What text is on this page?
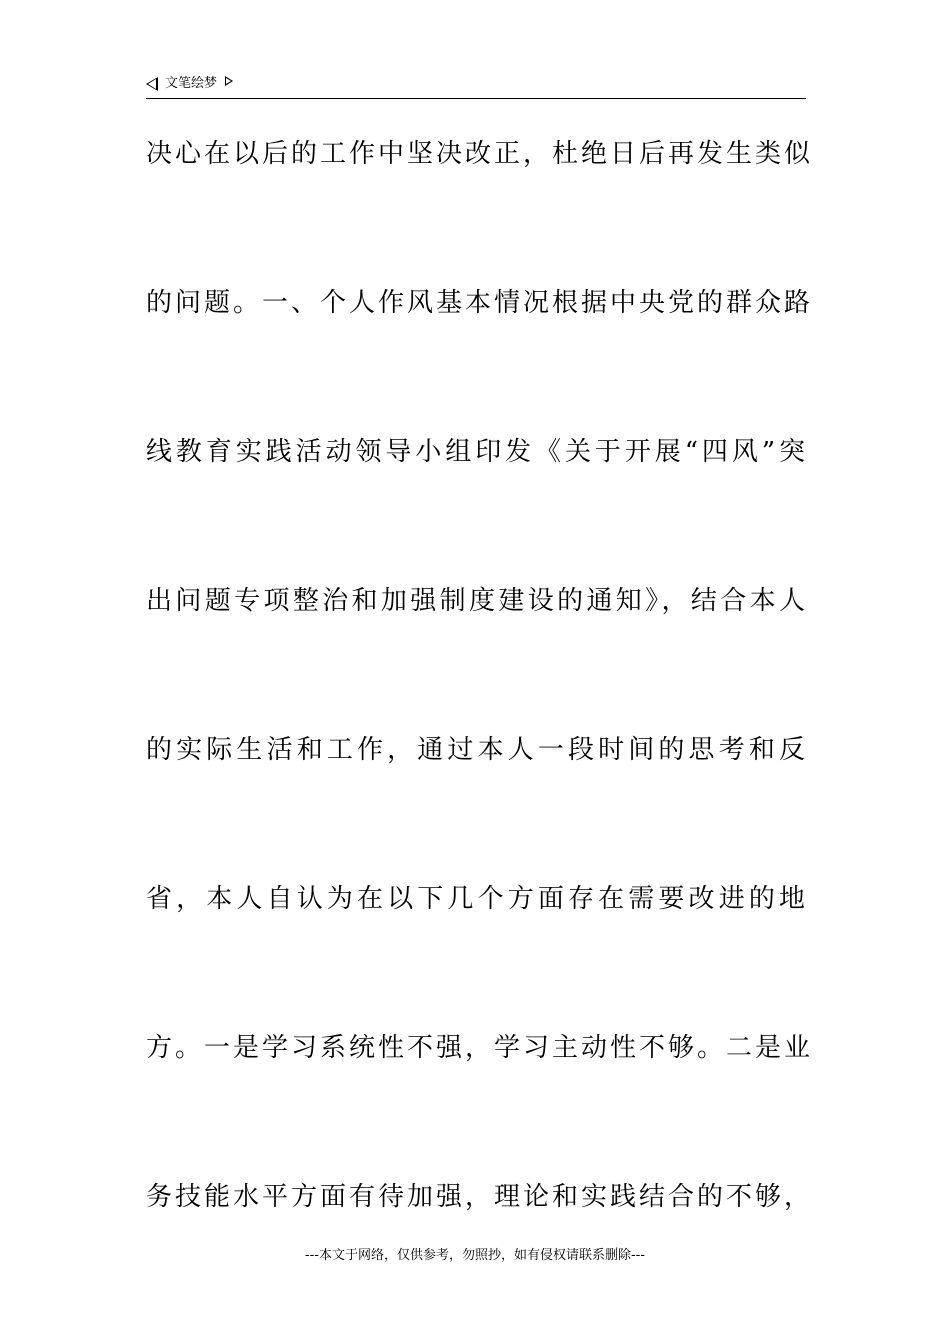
文笔绘梦
决心在以后的工作中坚决改正，杜绝日后再发生类似
的问题。一、个人作风基本情况根据中央党的群众路
线教育实践活动领导小组印发《关于开展“四风”突
出问题专项整治和加强制度建设的通知》，结合本人
的实际生活和工作，通过本人一段时间的思考和反
省，本人自认为在以下几个方面存在需要改进的地
方。一是学习系统性不强，学习主动性不够。二是业
务技能水平方面有待加强，理论和实践结合的不够，
---本文于网络，仅供参考，勿照抄，如有侵权请联系删除---
